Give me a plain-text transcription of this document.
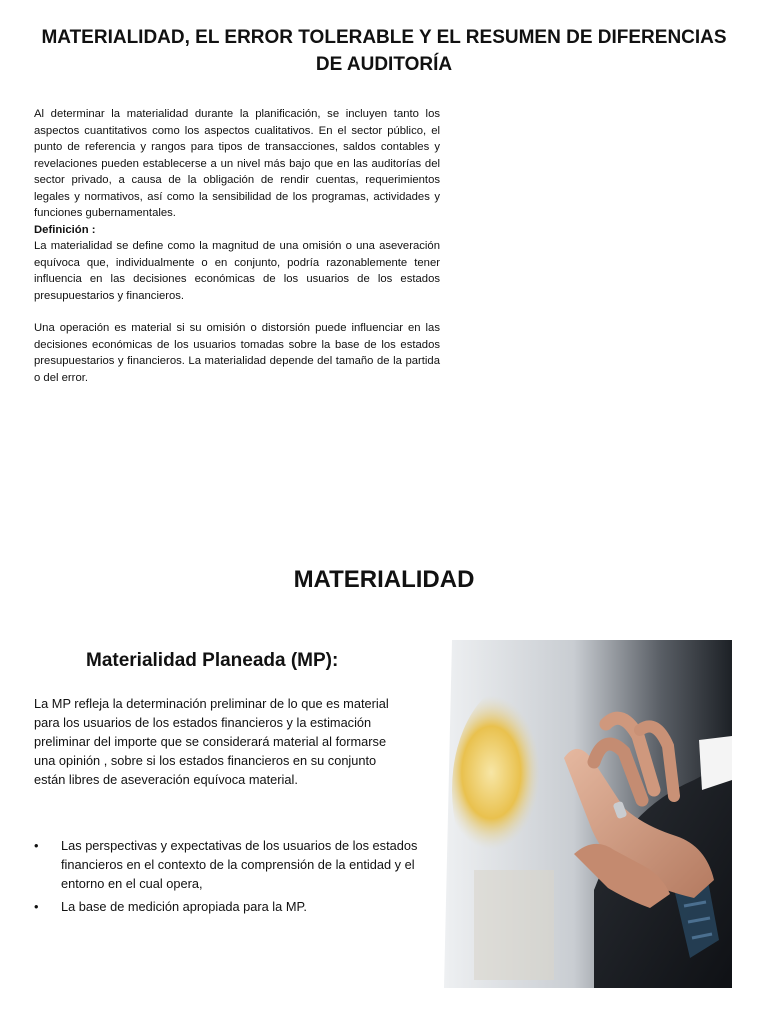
MATERIALIDAD, EL ERROR TOLERABLE Y EL RESUMEN DE DIFERENCIAS
DE AUDITORÍA

Al determinar la materialidad durante la planificación, se incluyen tanto los aspectos cuantitativos como los aspectos cualitativos. En el sector público, el punto de referencia y rangos para tipos de transacciones, saldos contables y revelaciones pueden establecerse a un nivel más bajo que en las auditorías del sector privado, a causa de la obligación de rendir cuentas, requerimientos legales y normativos, así como la sensibilidad de los programas, actividades y funciones gubernamentales.

Definición :

La materialidad se define como la magnitud de una omisión o una aseveración equívoca que, individualmente o en conjunto, podría razonablemente tener influencia en las decisiones económicas de los usuarios de los estados presupuestarios y financieros.

Una operación es material si su omisión o distorsión puede influenciar en las decisiones económicas de los usuarios tomadas sobre la base de los estados presupuestarios y financieros. La materialidad depende del tamaño de la partida o del error.

MATERIALIDAD
Materialidad Planeada (MP):

La MP refleja la determinación preliminar de lo que es material para los usuarios de los estados financieros y la estimación preliminar del importe que se considerará material al formarse una opinión , sobre si los estados financieros en su conjunto están libres de aseveración equívoca material.

• Las perspectivas y expectativas de los usuarios de los estados financieros en el contexto de la comprensión de la entidad y el entorno en el cual opera,
• La base de medición apropiada para la MP.
